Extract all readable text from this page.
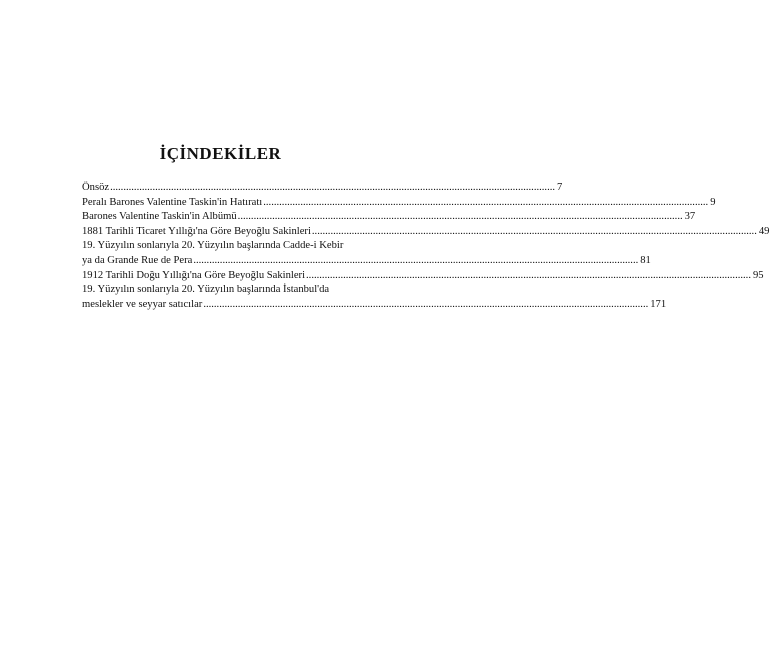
İÇİNDEKİLER
Önsöz ........................................................................................................................................................................ 7
Peralı Barones Valentine Taskin'in Hatıratı ........................................................................................................................................................................ 9
Barones Valentine Taskin'in Albümü ........................................................................................................................................................................ 37
1881 Tarihli Ticaret Yıllığı'na Göre Beyoğlu Sakinleri ........................................................................................................................................................................ 49
19. Yüzyılın sonlarıyla 20. Yüzyılın başlarında Cadde-i Kebir
ya da Grande Rue de Pera ........................................................................................................................................................................ 81
1912 Tarihli Doğu Yıllığı'na Göre Beyoğlu Sakinleri ........................................................................................................................................................................ 95
19. Yüzyılın sonlarıyla 20. Yüzyılın başlarında İstanbul'da
meslekler ve seyyar satıcılar ........................................................................................................................................................................ 171
